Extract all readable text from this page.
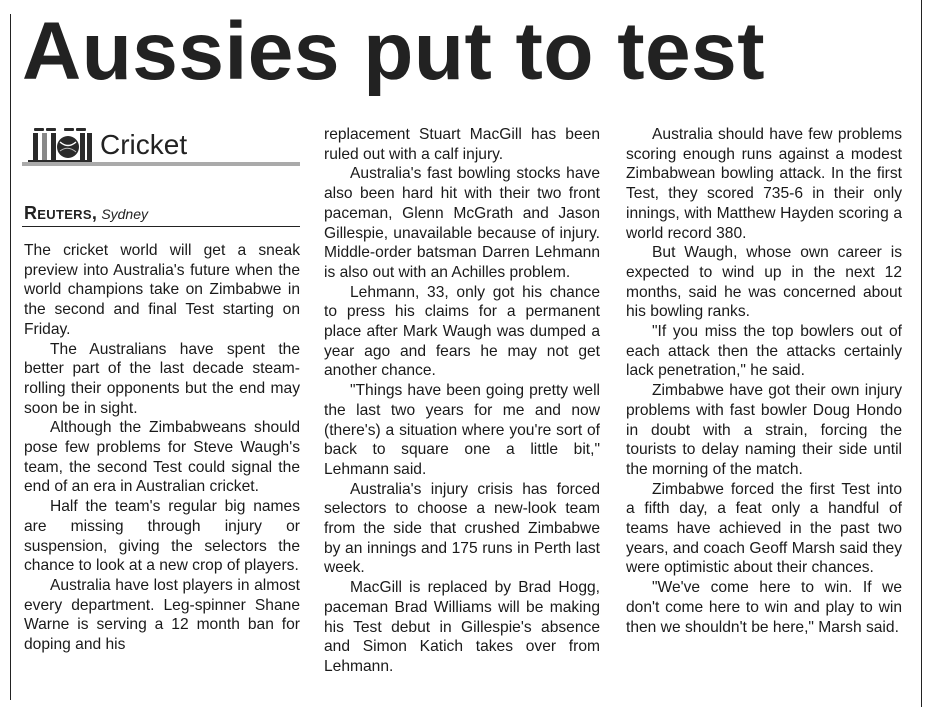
Aussies put to test
Cricket
Reuters, Sydney

The cricket world will get a sneak preview into Australia's future when the world champions take on Zimbabwe in the second and final Test starting on Friday.

The Australians have spent the better part of the last decade steam-rolling their opponents but the end may soon be in sight.

Although the Zimbabweans should pose few problems for Steve Waugh's team, the second Test could signal the end of an era in Australian cricket.

Half the team's regular big names are missing through injury or suspension, giving the selectors the chance to look at a new crop of players.

Australia have lost players in almost every department. Leg-spinner Shane Warne is serving a 12 month ban for doping and his

replacement Stuart MacGill has been ruled out with a calf injury.

Australia's fast bowling stocks have also been hard hit with their two front paceman, Glenn McGrath and Jason Gillespie, unavailable because of injury. Middle-order batsman Darren Lehmann is also out with an Achilles problem.

Lehmann, 33, only got his chance to press his claims for a permanent place after Mark Waugh was dumped a year ago and fears he may not get another chance.

"Things have been going pretty well the last two years for me and now (there's) a situation where you're sort of back to square one a little bit," Lehmann said.

Australia's injury crisis has forced selectors to choose a new-look team from the side that crushed Zimbabwe by an innings and 175 runs in Perth last week.

MacGill is replaced by Brad Hogg, paceman Brad Williams will be making his Test debut in Gillespie's absence and Simon Katich takes over from Lehmann.

Australia should have few problems scoring enough runs against a modest Zimbabwean bowling attack. In the first Test, they scored 735-6 in their only innings, with Matthew Hayden scoring a world record 380.

But Waugh, whose own career is expected to wind up in the next 12 months, said he was concerned about his bowling ranks.

"If you miss the top bowlers out of each attack then the attacks certainly lack penetration," he said.

Zimbabwe have got their own injury problems with fast bowler Doug Hondo in doubt with a strain, forcing the tourists to delay naming their side until the morning of the match.

Zimbabwe forced the first Test into a fifth day, a feat only a handful of teams have achieved in the past two years, and coach Geoff Marsh said they were optimistic about their chances.

"We've come here to win. If we don't come here to win and play to win then we shouldn't be here," Marsh said.
